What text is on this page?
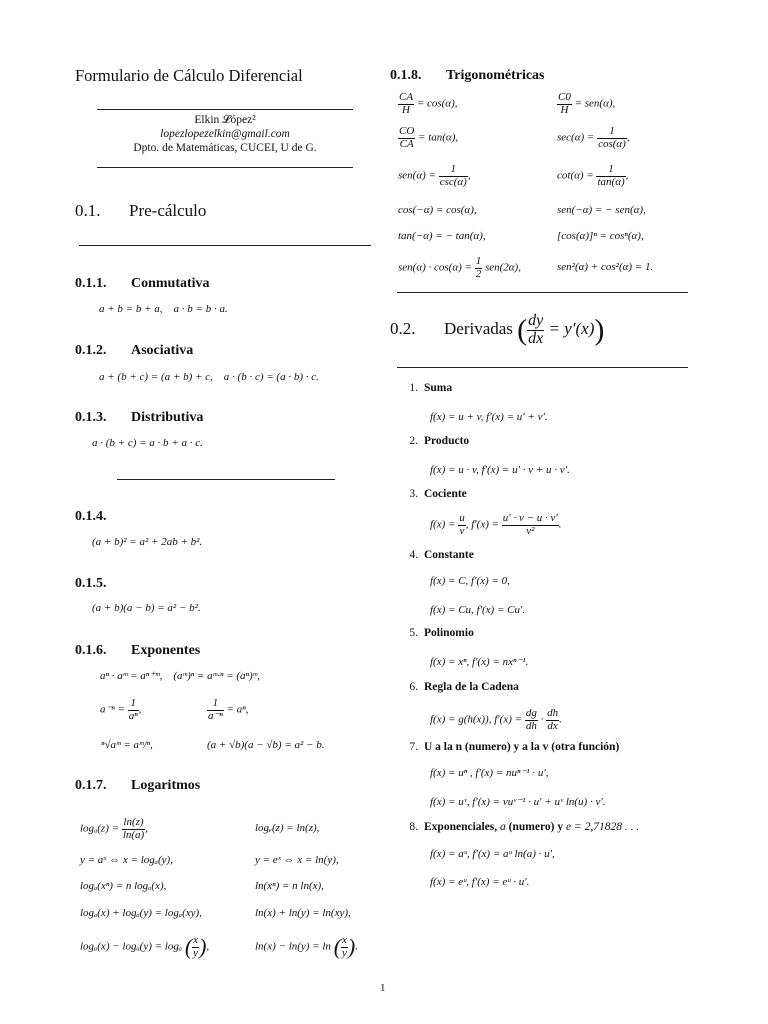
Formulario de Cálculo Diferencial
Elkin 𝓛ópez²
lopezlopezelkin@gmail.com
Dpto. de Matemáticas, CUCEI, U de G.
0.1. Pre-cálculo
0.1.1. Conmutativa
a + b = b + a, a · b = b · a.
0.1.2. Asociativa
a + (b + c) = (a + b) + c, a · (b · c) = (a · b) · c.
0.1.3. Distributiva
a · (b + c) = a · b + a · c.
0.1.4.
(a + b)² = a² + 2ab + b².
0.1.5.
(a + b)(a − b) = a² − b².
0.1.6. Exponentes
aⁿ · aᵐ = aⁿ⁺ᵐ, (aᵐ)ⁿ = aᵐ·ⁿ = (aⁿ)ᵐ,
$a^{-n} = \frac{1}{\text{aⁿ}}$ ,	$\frac{1}{\text{a⁻ⁿ}} = a^n$,
ⁿ√aᵐ = aᵐ/ⁿ,	(a + √b)(a − √b) = a² − b.
0.1.7. Logaritmos
$\log_a(z) = \frac{\ln(z)}{\ln(a)}$ ,	logₑ(z) = ln(z),
y = aˣ ⇔ x = logₐ(y),	y = eˣ ⇔ x = ln(y),
logₐ(xⁿ) = n logₐ(x),	ln(xⁿ) = n ln(x),
logₐ(x) + logₐ(y) = logₐ(xy),	ln(x) + ln(y) = ln(xy),
logₐ(x) − logₐ(y) = logₐ ( $\frac{x}{y}$ ),	ln(x) − ln(y) = ln ( $\frac{x}{y}$ ).
0.1.8. Trigonométricas
$\frac{CA}{H} = \cos(\alpha)$,	$\frac{C0}{H} = sen(\alpha)$,
$\frac{CO}{CA} = \tan(\alpha)$,	$\sec(\alpha) = \frac{1}{\cos(\alpha)}$ ,
$sen(\alpha) = \frac{1}{\csc(\alpha)}$ ,	$\cot(\alpha) = \frac{1}{\tan(\alpha)}$ ,
cos(−α) = cos(α),	sen(−α) = − sen(α),
tan(−α) = − tan(α),	[cos(α)]ⁿ = cosⁿ(α),
$sen(\alpha) \cdot \cos(\alpha) = \frac{1}{2} sen(2\alpha)$,	sen²(α) + cos²(α) = 1.
0.2. Derivadas ( $\frac{dy}{dx} = y'(x)$)
1. Suma
f(x) = u + v, f′(x) = u′ + v′.
2. Producto
f(x) = u · v, f′(x) = u′ · v + u · v′.
3. Cociente
$f(x) = \frac{u}{v}$ , $f'(x) = \frac{u' \cdot v - u \cdot v'}{\text{v²}}$ .
4. Constante
f(x) = C, f′(x) = 0,
f(x) = Cu, f′(x) = Cu′.
5. Polinomio
f(x) = xⁿ, f′(x) = nxⁿ⁻¹.
6. Regla de la Cadena
f(x) = g(h(x)), $f'(x) = \frac{dg}{dh} \cdot \frac{dh}{dx}$ .
7. U a la n (numero) y a la v (otra función)
f(x) = uⁿ , f′(x) = nuⁿ⁻¹ · u′,
f(x) = uᵛ, f′(x) = vuᵛ⁻¹ · u′ + uᵛ ln(u) · v′.
8. Exponenciales, a (numero) y e = 2,71828 . . .
f(x) = aᵘ, f′(x) = aᵘ ln(a) · u′,
f(x) = eᵘ, f′(x) = eᵘ · u′.
1
